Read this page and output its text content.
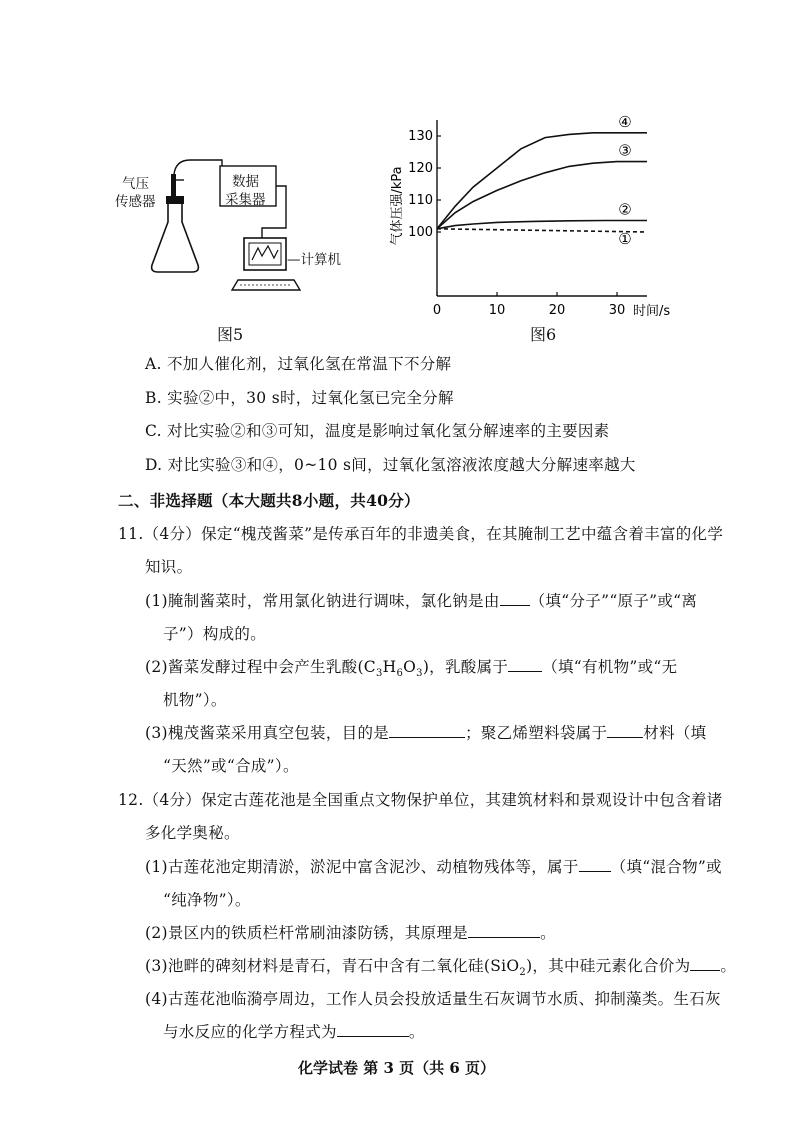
气压
传感器
数据
采集器
—计算机
图5
气体压强/kPa
时间/s
100
110
120
130
0	10	20	30
④
③
②
①
图6
A. 不加人催化剂，过氧化氢在常温下不分解
B. 实验②中，30 s时，过氧化氢已完全分解
C. 对比实验②和③可知，温度是影响过氧化氢分解速率的主要因素
D. 对比实验③和④，0~10 s间，过氧化氢溶液浓度越大分解速率越大
二、非选择题（本大题共8小题，共40分）
11.（4分）保定“槐茂酱菜”是传承百年的非遗美食，在其腌制工艺中蕴含着丰富的化学
知识。
(1)腌制酱菜时，常用氯化钠进行调味，氯化钠是由 （填“分子”“原子”或“离
子”）构成的。
(2)酱菜发酵过程中会产生乳酸$(C_3H_6O_3)$，乳酸属于 （填“有机物”或“无
机物”）。
(3)槐茂酱菜采用真空包装，目的是	；聚乙烯塑料袋属于 材料（填
“天然”或“合成”）。
12.（4分）保定古莲花池是全国重点文物保护单位，其建筑材料和景观设计中包含着诸
多化学奥秘。
(1)古莲花池定期清淤，淤泥中富含泥沙、动植物残体等，属于 （填“混合物”或
“纯净物”）。
(2)景区内的铁质栏杆常刷油漆防锈，其原理是	。
(3)池畔的碑刻材料是青石，青石中含有二氧化硅(SiO$_2$)，其中硅元素化合价为 。
(4)古莲花池临漪亭周边，工作人员会投放适量生石灰调节水质、抑制藻类。生石灰
与水反应的化学方程式为	。
化学试卷 第 3 页（共 6 页）
